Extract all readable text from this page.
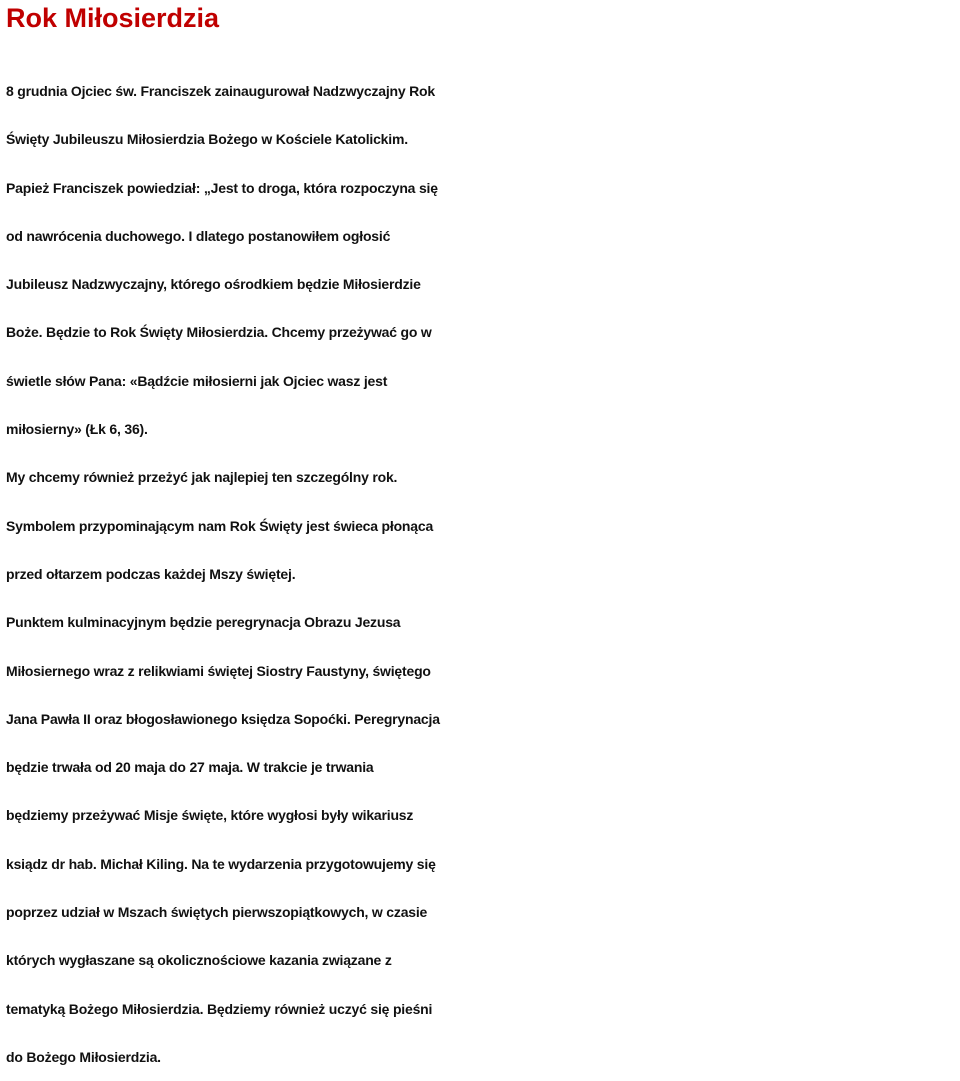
Rok Miłosierdzia
8 grudnia Ojciec św. Franciszek zainaugurował Nadzwyczajny Rok
Święty Jubileuszu Miłosierdzia Bożego w Kościele Katolickim.
Papież Franciszek powiedział: „Jest to droga, która rozpoczyna się
od nawrócenia duchowego. I dlatego postanowiłem ogłosić
Jubileusz Nadzwyczajny, którego ośrodkiem będzie Miłosierdzie
Boże. Będzie to Rok Święty Miłosierdzia. Chcemy przeżywać go w
świetle słów Pana: «Bądźcie miłosierni jak Ojciec wasz jest
miłosierny» (Łk 6, 36).
My chcemy również przeżyć jak najlepiej ten szczególny rok.
Symbolem przypominającym nam Rok Święty jest świeca płonąca
przed ołtarzem podczas każdej Mszy świętej.
Punktem kulminacyjnym będzie peregrynacja Obrazu Jezusa
Miłosiernego wraz z relikwiami świętej Siostry Faustyny, świętego
Jana Pawła II oraz błogosławionego księdza Sopoćki. Peregrynacja
będzie trwała od 20 maja do 27 maja. W trakcie je trwania
będziemy przeżywać Misje święte, które wygłosi były wikariusz
ksiądz dr hab. Michał Kiling. Na te wydarzenia przygotowujemy się
poprzez udział w Mszach świętych pierwszopiątkowych, w czasie
których wygłaszane są okolicznościowe kazania związane z
tematyką Bożego Miłosierdzia. Będziemy również uczyć się pieśni
do Bożego Miłosierdzia.
